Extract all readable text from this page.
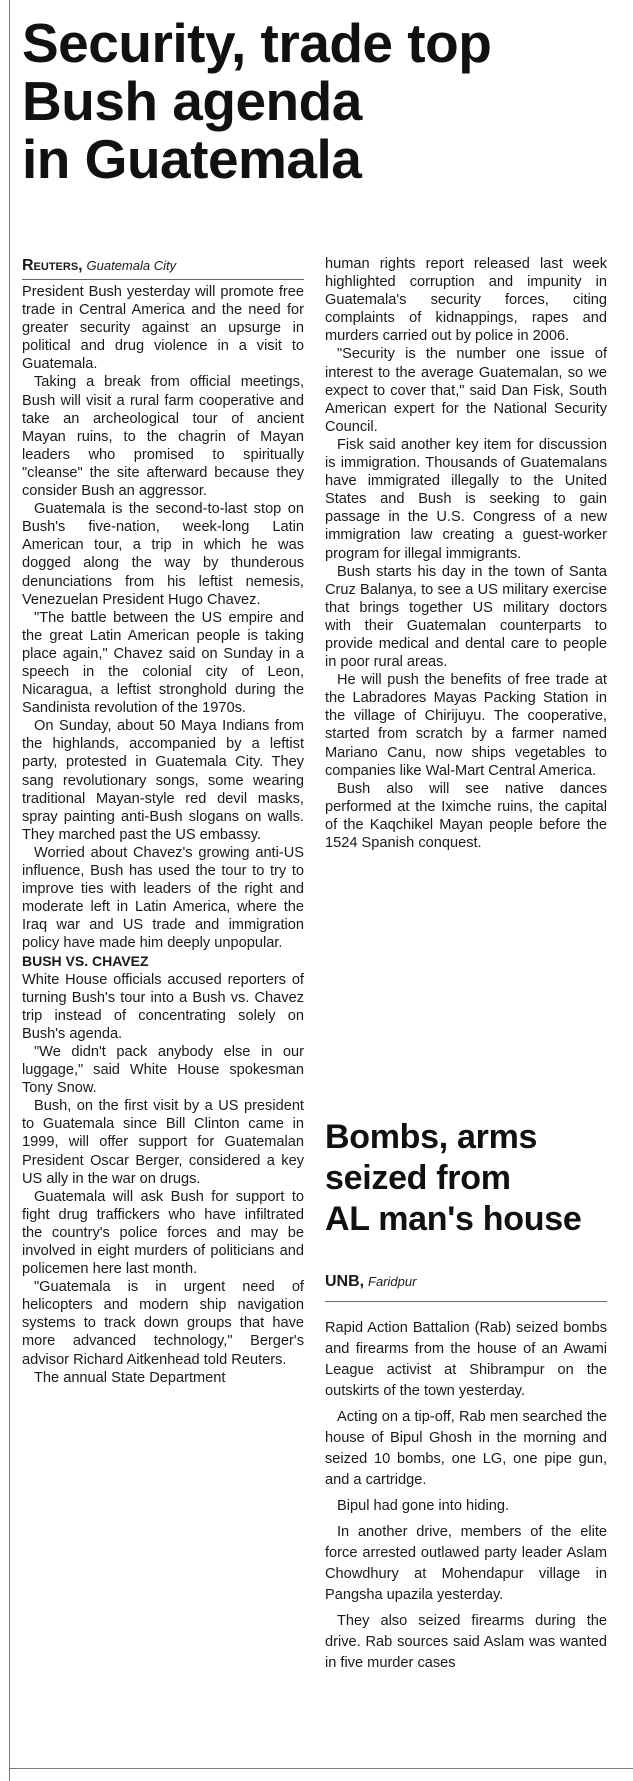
Security, trade top
Bush agenda
in Guatemala
Reuters, Guatemala City

President Bush yesterday will promote free trade in Central America and the need for greater security against an upsurge in political and drug violence in a visit to Guatemala.

Taking a break from official meetings, Bush will visit a rural farm cooperative and take an archeological tour of ancient Mayan ruins, to the chagrin of Mayan leaders who promised to spiritually "cleanse" the site afterward because they consider Bush an aggressor.

Guatemala is the second-to-last stop on Bush's five-nation, week-long Latin American tour, a trip in which he was dogged along the way by thunderous denunciations from his leftist nemesis, Venezuelan President Hugo Chavez.

"The battle between the US empire and the great Latin American people is taking place again," Chavez said on Sunday in a speech in the colonial city of Leon, Nicaragua, a leftist stronghold during the Sandinista revolution of the 1970s.

On Sunday, about 50 Maya Indians from the highlands, accompanied by a leftist party, protested in Guatemala City. They sang revolutionary songs, some wearing traditional Mayan-style red devil masks, spray painting anti-Bush slogans on walls. They marched past the US embassy.

Worried about Chavez's growing anti-US influence, Bush has used the tour to try to improve ties with leaders of the right and moderate left in Latin America, where the Iraq war and US trade and immigration policy have made him deeply unpopular.

BUSH VS. CHAVEZ

White House officials accused reporters of turning Bush's tour into a Bush vs. Chavez trip instead of concentrating solely on Bush's agenda.

"We didn't pack anybody else in our luggage," said White House spokesman Tony Snow.

Bush, on the first visit by a US president to Guatemala since Bill Clinton came in 1999, will offer support for Guatemalan President Oscar Berger, considered a key US ally in the war on drugs.

Guatemala will ask Bush for support to fight drug traffickers who have infiltrated the country's police forces and may be involved in eight murders of politicians and policemen here last month.

"Guatemala is in urgent need of helicopters and modern ship navigation systems to track down groups that have more advanced technology," Berger's advisor Richard Aitkenhead told Reuters.

The annual State Department

human rights report released last week highlighted corruption and impunity in Guatemala's security forces, citing complaints of kidnappings, rapes and murders carried out by police in 2006.

"Security is the number one issue of interest to the average Guatemalan, so we expect to cover that," said Dan Fisk, South American expert for the National Security Council.

Fisk said another key item for discussion is immigration. Thousands of Guatemalans have immigrated illegally to the United States and Bush is seeking to gain passage in the U.S. Congress of a new immigration law creating a guest-worker program for illegal immigrants.

Bush starts his day in the town of Santa Cruz Balanya, to see a US military exercise that brings together US military doctors with their Guatemalan counterparts to provide medical and dental care to people in poor rural areas.

He will push the benefits of free trade at the Labradores Mayas Packing Station in the village of Chirijuyu. The cooperative, started from scratch by a farmer named Mariano Canu, now ships vegetables to companies like Wal-Mart Central America.

Bush also will see native dances performed at the Iximche ruins, the capital of the Kaqchikel Mayan people before the 1524 Spanish conquest.

Bombs, arms
seized from
AL man's house
UNB, Faridpur

Rapid Action Battalion (Rab) seized bombs and firearms from the house of an Awami League activist at Shibrampur on the outskirts of the town yesterday.

Acting on a tip-off, Rab men searched the house of Bipul Ghosh in the morning and seized 10 bombs, one LG, one pipe gun, and a cartridge.

Bipul had gone into hiding.

In another drive, members of the elite force arrested outlawed party leader Aslam Chowdhury at Mohendapur village in Pangsha upazila yesterday.

They also seized firearms during the drive. Rab sources said Aslam was wanted in five murder cases
